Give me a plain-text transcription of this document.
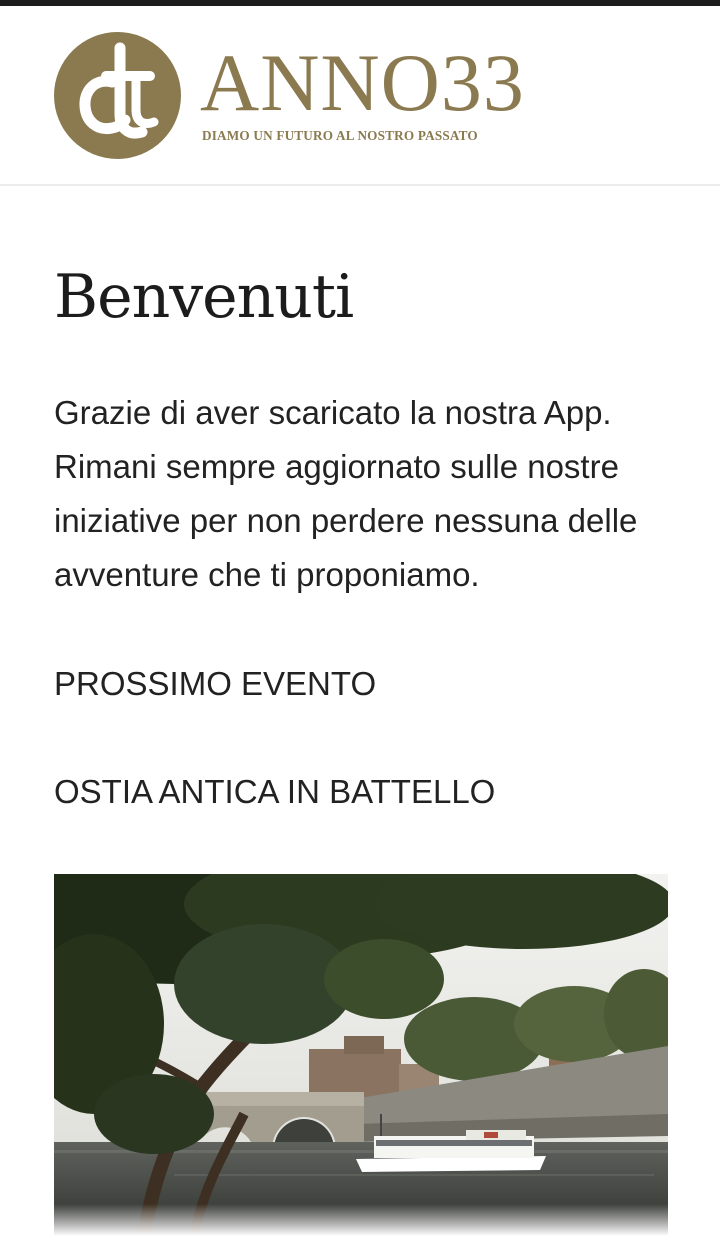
ANNO33
DIAMO UN FUTURO AL NOSTRO PASSATO
Benvenuti

Grazie di aver scaricato la nostra App. Rimani sempre aggiornato sulle nostre iniziative per non perdere nessuna delle avventure che ti proponiamo.

PROSSIMO EVENTO

OSTIA ANTICA IN BATTELLO
